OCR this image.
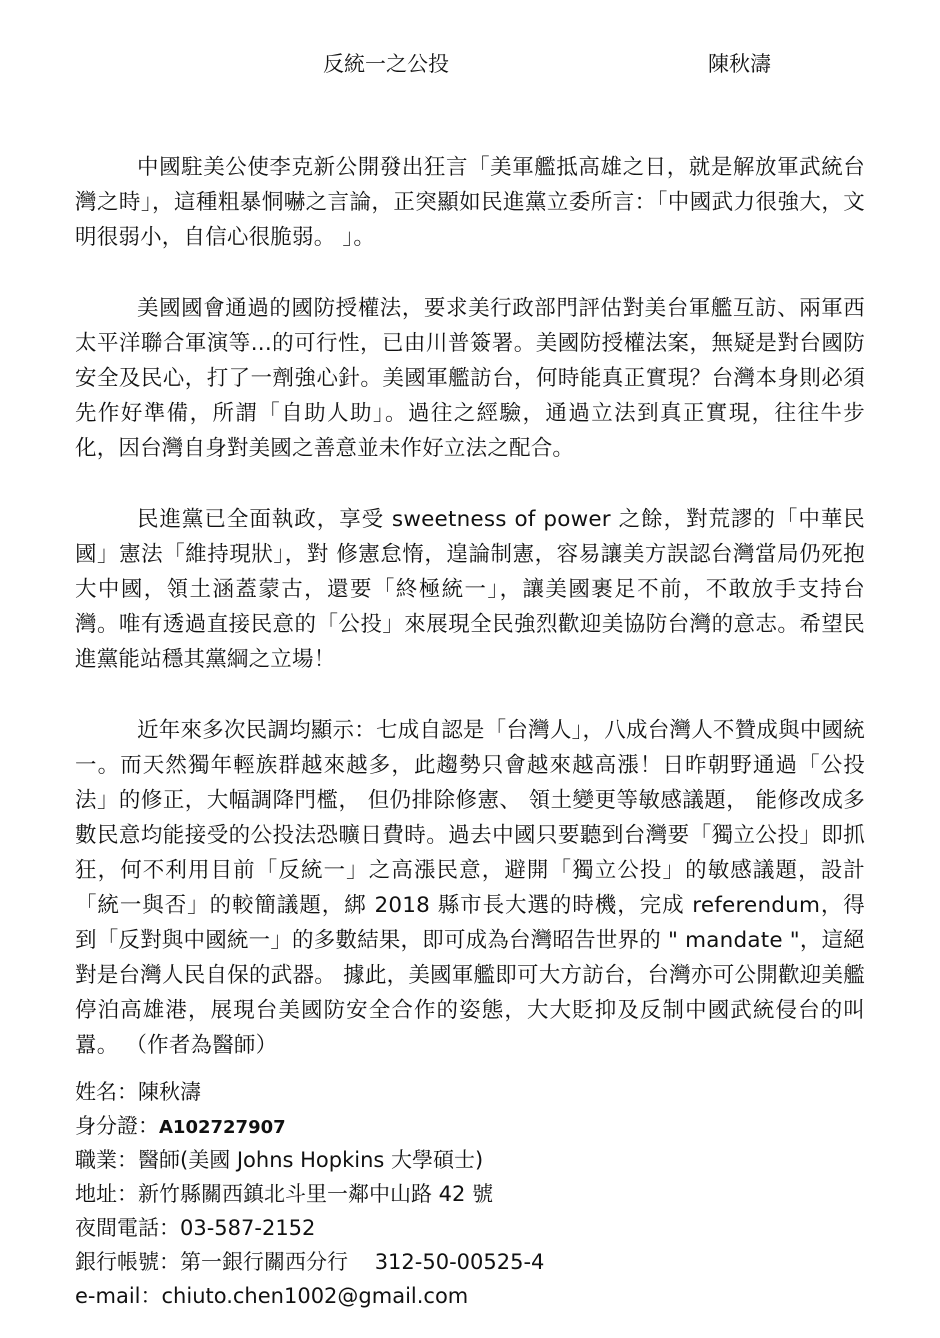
反統一之公投	陳秋濤

中國駐美公使李克新公開發出狂言「美軍艦抵高雄之日，就是解放軍武統台灣之時」，這種粗暴恫嚇之言論，正突顯如民進黨立委所言：「中國武力很強大，文明很弱小，自信心很脆弱。 」。

美國國會通過的國防授權法，要求美行政部門評估對美台軍艦互訪、兩軍西太平洋聯合軍演等...的可行性，已由川普簽署。美國防授權法案，無疑是對台國防安全及民心，打了一劑強心針。美國軍艦訪台，何時能真正實現？台灣本身則必須先作好準備，所謂「自助人助」。過往之經驗，通過立法到真正實現，往往牛步化，因台灣自身對美國之善意並未作好立法之配合。

民進黨已全面執政，享受 sweetness of power 之餘，對荒謬的「中華民國」憲法「維持現狀」，對 修憲怠惰，遑論制憲，容易讓美方誤認台灣當局仍死抱大中國，領土涵蓋蒙古，還要「終極統一」，讓美國裹足不前，不敢放手支持台灣。唯有透過直接民意的「公投」來展現全民強烈歡迎美協防台灣的意志。希望民進黨能站穩其黨綱之立場！

近年來多次民調均顯示：七成自認是「台灣人」，八成台灣人不贊成與中國統一。而天然獨年輕族群越來越多，此趨勢只會越來越高漲！日昨朝野通過「公投法」的修正，大幅調降門檻， 但仍排除修憲、 領土變更等敏感議題， 能修改成多數民意均能接受的公投法恐曠日費時。過去中國只要聽到台灣要「獨立公投」即抓狂，何不利用目前「反統一」之高漲民意，避開「獨立公投」的敏感議題，設計「統一與否」的較簡議題，綁 2018 縣市長大選的時機，完成 referendum，得到「反對與中國統一」的多數結果，即可成為台灣昭告世界的 " mandate "，這絕對是台灣人民自保的武器。 據此，美國軍艦即可大方訪台，台灣亦可公開歡迎美艦停泊高雄港，展現台美國防安全合作的姿態，大大貶抑及反制中國武統侵台的叫囂。 （作者為醫師）

姓名：陳秋濤
身分證：A102727907
職業：醫師(美國 Johns Hopkins 大學碩士)
地址：新竹縣關西鎮北斗里一鄰中山路 42 號
夜間電話：03-587-2152
銀行帳號：第一銀行關西分行    312-50-00525-4
e-mail：chiuto.chen1002@gmail.com
